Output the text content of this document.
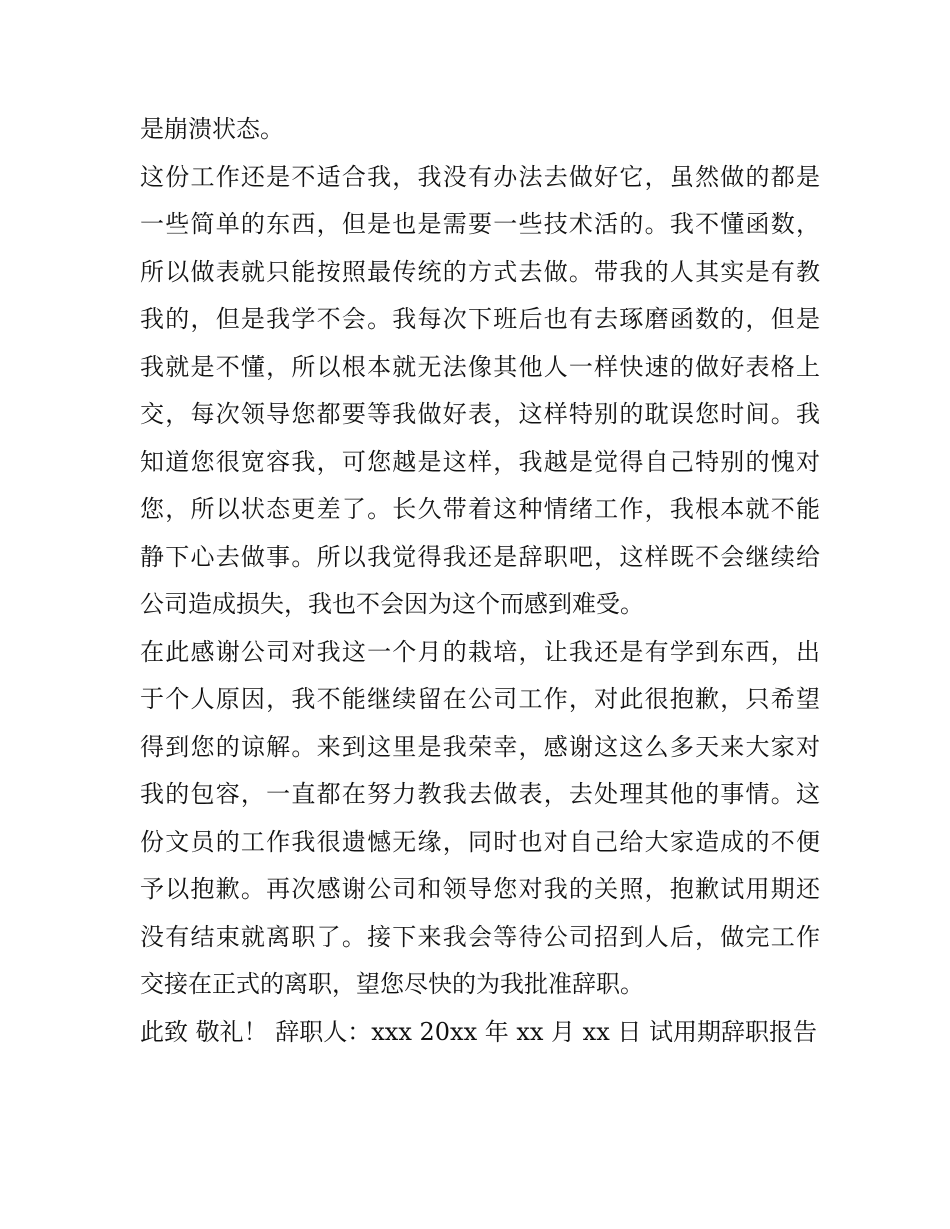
是崩溃状态。
这份工作还是不适合我，我没有办法去做好它，虽然做的都是
一些简单的东西，但是也是需要一些技术活的。我不懂函数，
所以做表就只能按照最传统的方式去做。带我的人其实是有教
我的，但是我学不会。我每次下班后也有去琢磨函数的，但是
我就是不懂，所以根本就无法像其他人一样快速的做好表格上
交，每次领导您都要等我做好表，这样特别的耽误您时间。我
知道您很宽容我，可您越是这样，我越是觉得自己特别的愧对
您，所以状态更差了。长久带着这种情绪工作，我根本就不能
静下心去做事。所以我觉得我还是辞职吧，这样既不会继续给
公司造成损失，我也不会因为这个而感到难受。
在此感谢公司对我这一个月的栽培，让我还是有学到东西，出
于个人原因，我不能继续留在公司工作，对此很抱歉，只希望
得到您的谅解。来到这里是我荣幸，感谢这这么多天来大家对
我的包容，一直都在努力教我去做表，去处理其他的事情。这
份文员的工作我很遗憾无缘，同时也对自己给大家造成的不便
予以抱歉。再次感谢公司和领导您对我的关照，抱歉试用期还
没有结束就离职了。接下来我会等待公司招到人后，做完工作
交接在正式的离职，望您尽快的为我批准辞职。
此致 敬礼！ 辞职人：xxx 20xx 年 xx 月 xx 日 试用期辞职报告
